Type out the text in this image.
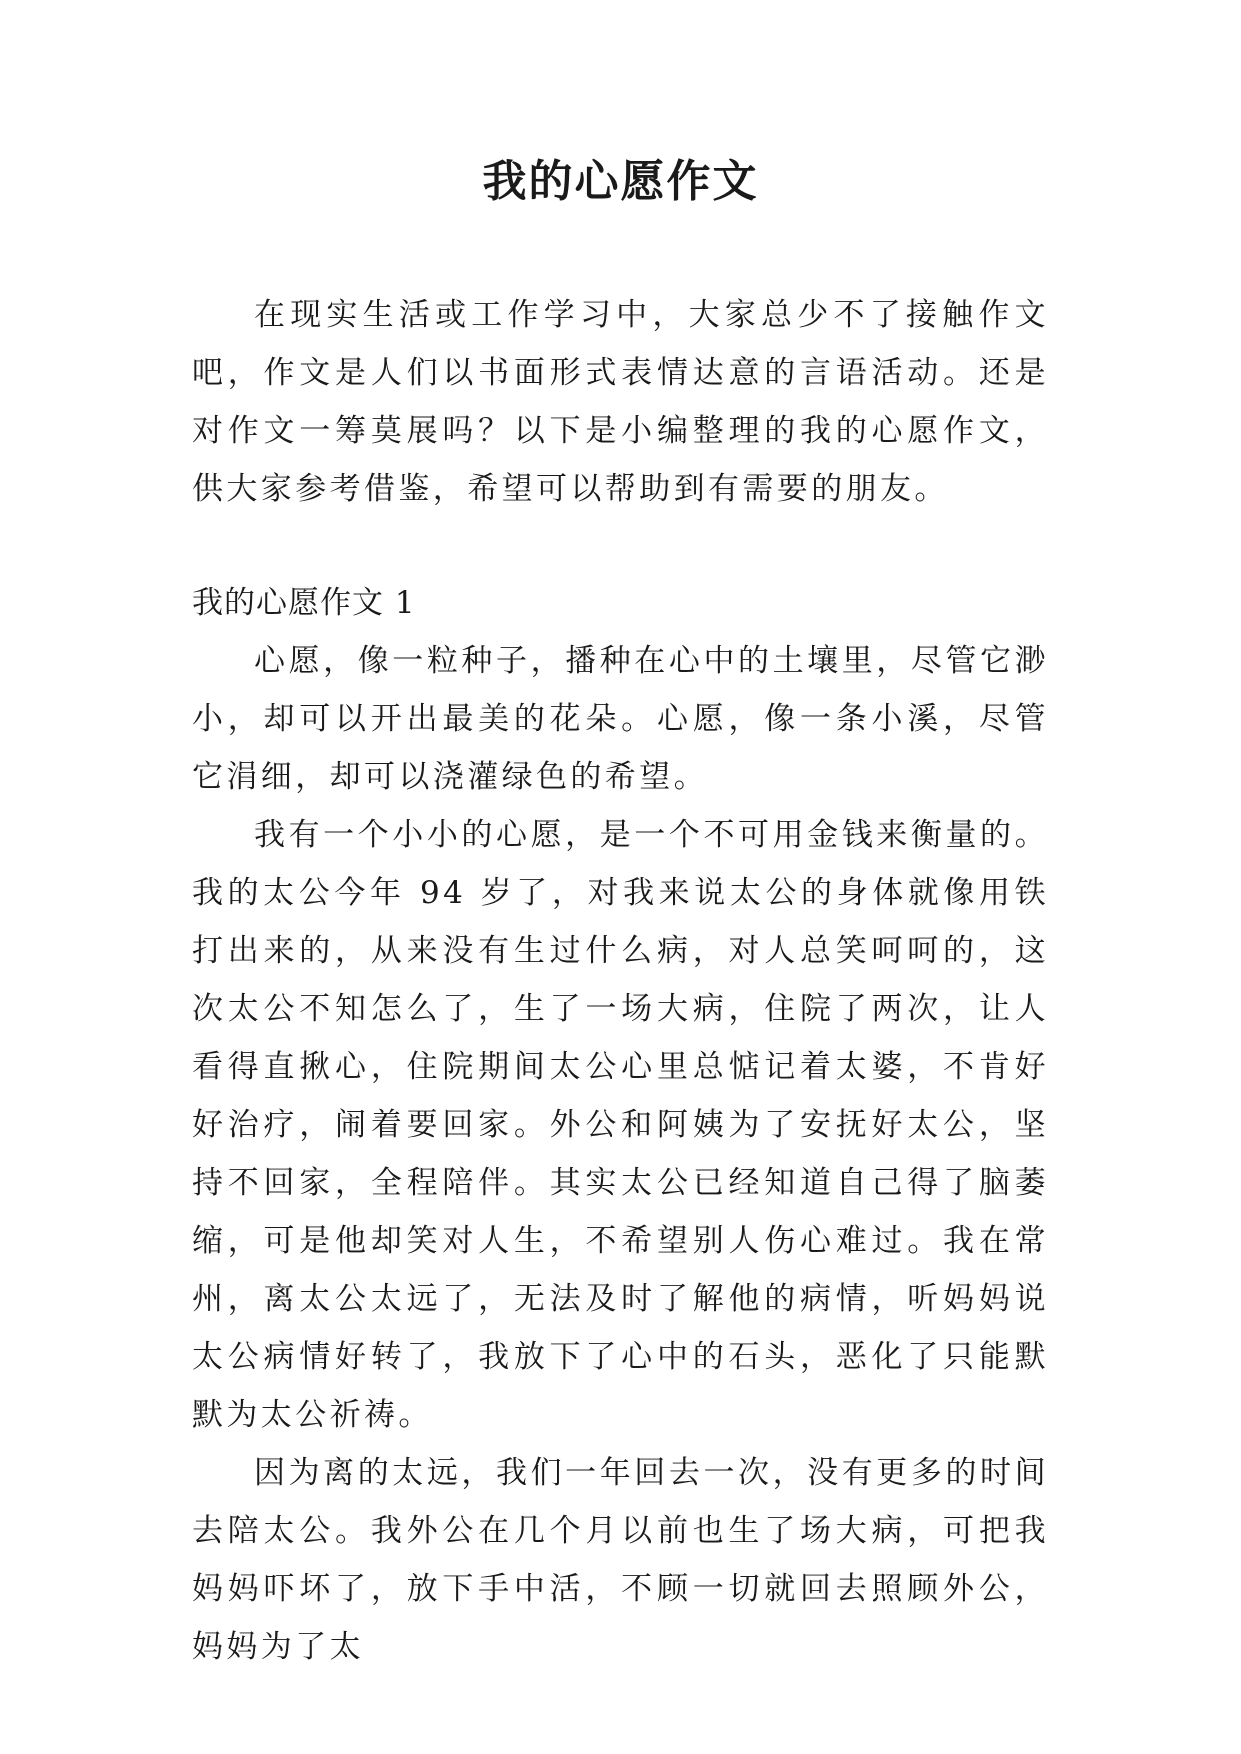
我的心愿作文

在现实生活或工作学习中，大家总少不了接触作文吧，作文是人们以书面形式表情达意的言语活动。还是对作文一筹莫展吗？以下是小编整理的我的心愿作文，供大家参考借鉴，希望可以帮助到有需要的朋友。

我的心愿作文 1

心愿，像一粒种子，播种在心中的土壤里，尽管它渺小，却可以开出最美的花朵。心愿，像一条小溪，尽管它涓细，却可以浇灌绿色的希望。

我有一个小小的心愿，是一个不可用金钱来衡量的。我的太公今年 94 岁了，对我来说太公的身体就像用铁打出来的，从来没有生过什么病，对人总笑呵呵的，这次太公不知怎么了，生了一场大病，住院了两次，让人看得直揪心，住院期间太公心里总惦记着太婆，不肯好好治疗，闹着要回家。外公和阿姨为了安抚好太公，坚持不回家，全程陪伴。其实太公已经知道自己得了脑萎缩，可是他却笑对人生，不希望别人伤心难过。我在常州，离太公太远了，无法及时了解他的病情，听妈妈说太公病情好转了，我放下了心中的石头，恶化了只能默默为太公祈祷。

因为离的太远，我们一年回去一次，没有更多的时间去陪太公。我外公在几个月以前也生了场大病，可把我妈妈吓坏了，放下手中活，不顾一切就回去照顾外公，妈妈为了太
